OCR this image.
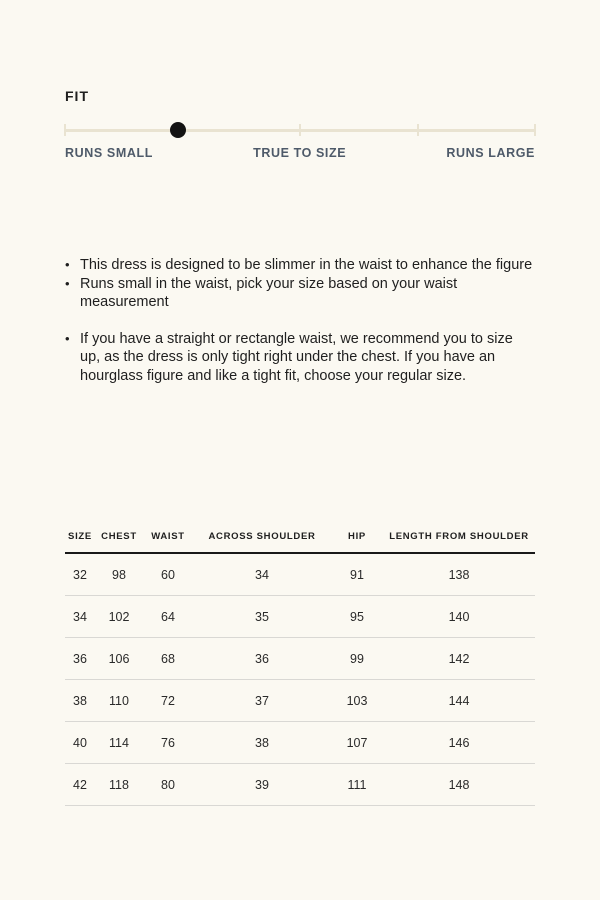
FIT
RUNS SMALL	TRUE TO SIZE	RUNS LARGE
• This dress is designed to be slimmer in the waist to enhance the figure
• Runs small in the waist, pick your size based on your waist measurement
• If you have a straight or rectangle waist, we recommend you to size up, as the dress is only tight right under the chest. If you have an hourglass figure and like a tight fit, choose your regular size.
SIZE	CHEST	WAIST	ACROSS SHOULDER	HIP	LENGTH FROM SHOULDER
32	98	60	34	91	138
34	102	64	35	95	140
36	106	68	36	99	142
38	110	72	37	103	144
40	114	76	38	107	146
42	118	80	39	111	148
